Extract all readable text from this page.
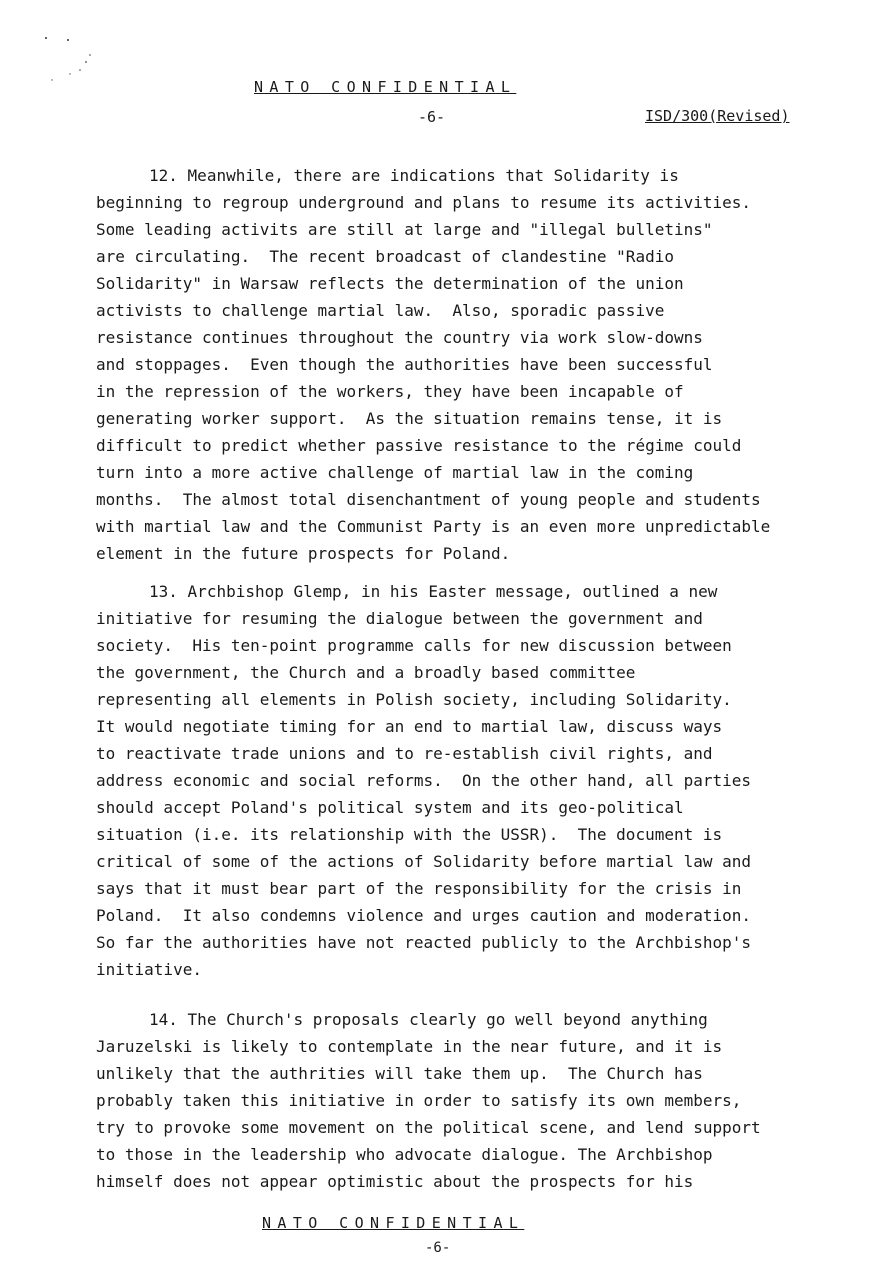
NATO CONFIDENTIAL
-6-	ISD/300(Revised)
12. Meanwhile, there are indications that Solidarity is
beginning to regroup underground and plans to resume its activities.
Some leading activits are still at large and "illegal bulletins"
are circulating.  The recent broadcast of clandestine "Radio
Solidarity" in Warsaw reflects the determination of the union
activists to challenge martial law.  Also, sporadic passive
resistance continues throughout the country via work slow-downs
and stoppages.  Even though the authorities have been successful
in the repression of the workers, they have been incapable of
generating worker support.  As the situation remains tense, it is
difficult to predict whether passive resistance to the régime could
turn into a more active challenge of martial law in the coming
months.  The almost total disenchantment of young people and students
with martial law and the Communist Party is an even more unpredictable
element in the future prospects for Poland.
13. Archbishop Glemp, in his Easter message, outlined a new
initiative for resuming the dialogue between the government and
society.  His ten-point programme calls for new discussion between
the government, the Church and a broadly based committee
representing all elements in Polish society, including Solidarity.
It would negotiate timing for an end to martial law, discuss ways
to reactivate trade unions and to re-establish civil rights, and
address economic and social reforms.  On the other hand, all parties
should accept Poland's political system and its geo-political
situation (i.e. its relationship with the USSR).  The document is
critical of some of the actions of Solidarity before martial law and
says that it must bear part of the responsibility for the crisis in
Poland.  It also condemns violence and urges caution and moderation.
So far the authorities have not reacted publicly to the Archbishop's
initiative.
14. The Church's proposals clearly go well beyond anything
Jaruzelski is likely to contemplate in the near future, and it is
unlikely that the authrities will take them up.  The Church has
probably taken this initiative in order to satisfy its own members,
try to provoke some movement on the political scene, and lend support
to those in the leadership who advocate dialogue. The Archbishop
himself does not appear optimistic about the prospects for his
NATO CONFIDENTIAL
-6-
